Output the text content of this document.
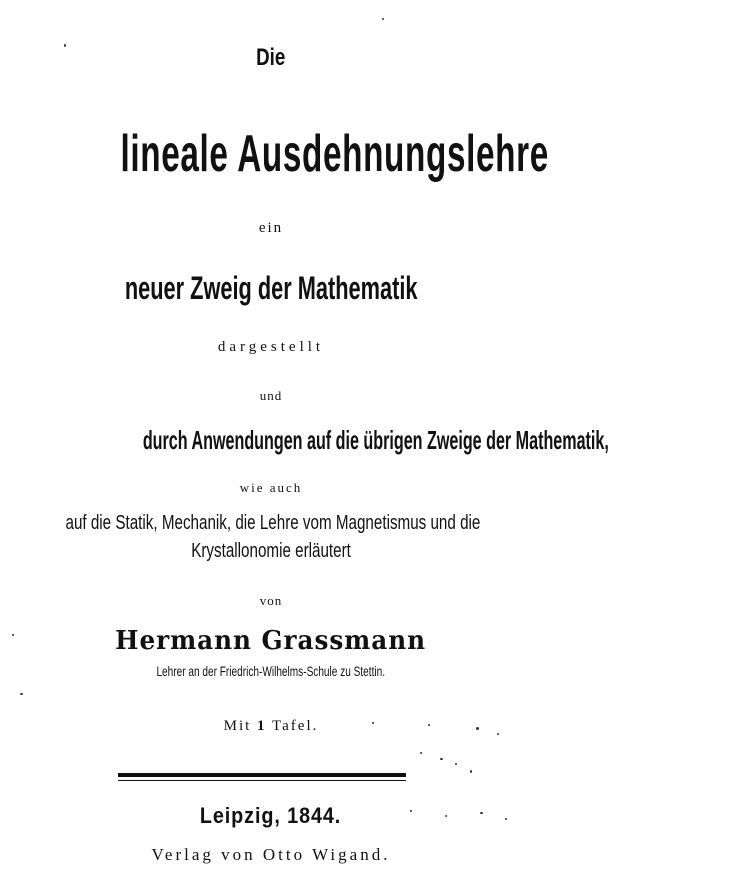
Die
lineale Ausdehnungslehre
ein
neuer Zweig der Mathematik
dargestellt
und
durch Anwendungen auf die übrigen Zweige der Mathematik,
wie auch
auf die Statik, Mechanik, die Lehre vom Magnetismus und die
Krystallonomie erläutert
von
Hermann Grassmann
Lehrer an der Friedrich-Wilhelms-Schule zu Stettin.
Mit 1 Tafel.
Leipzig, 1844.
Verlag von Otto Wigand.
